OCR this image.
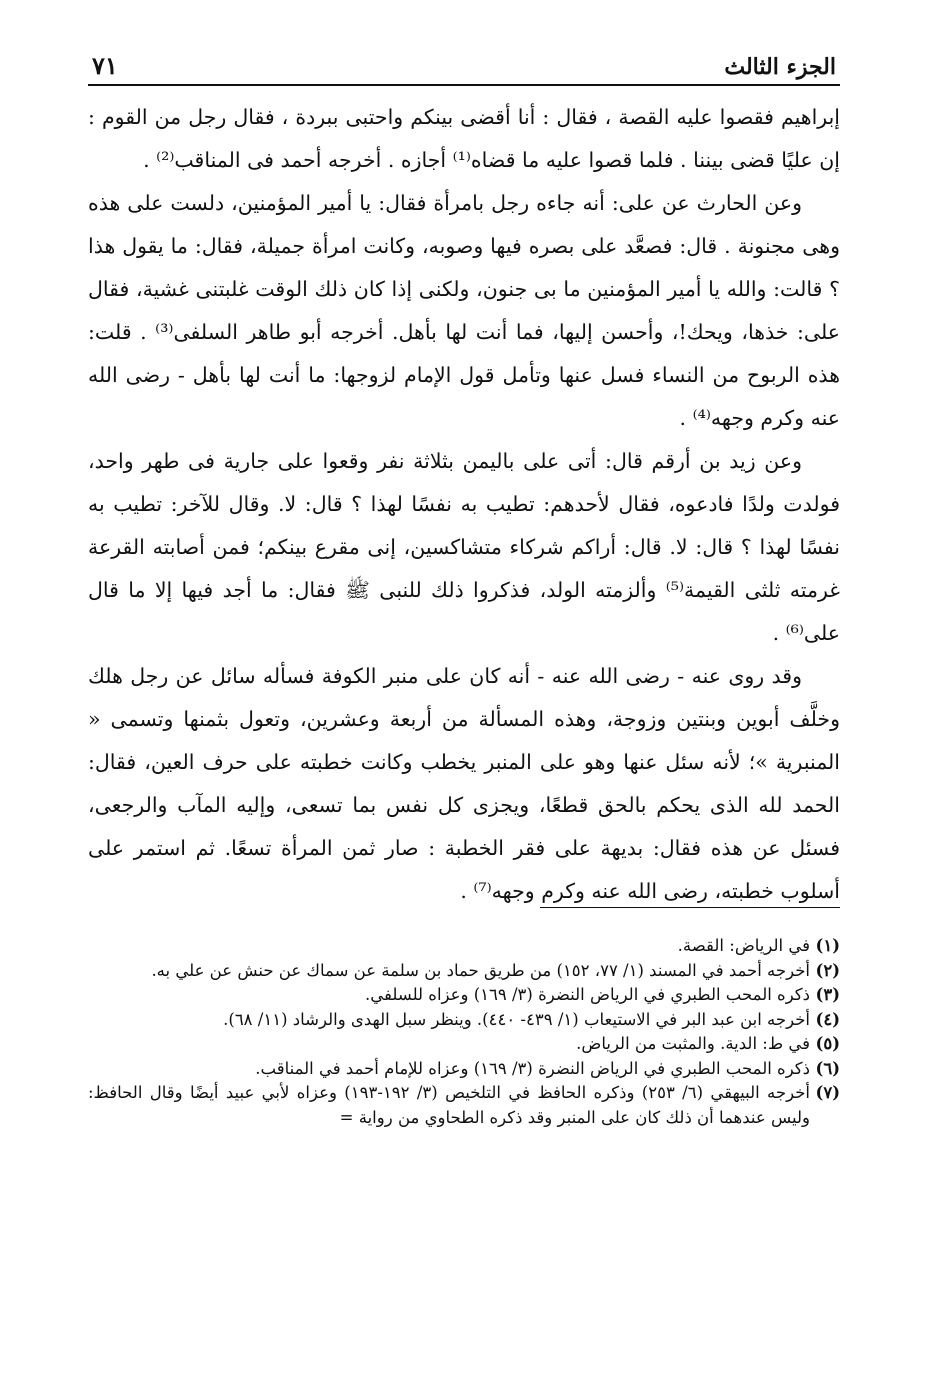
الجزء الثالث
٧١

إبراهيم فقصوا عليه القصة ، فقال : أنا أقضى بينكم واحتبى ببردة ، فقال رجل من القوم : إن عليًا قضى بيننا . فلما قصوا عليه ما قضاه⁽¹⁾ أجازه . أخرجه أحمد فى المناقب⁽²⁾ .

وعن الحارث عن على: أنه جاءه رجل بامرأة فقال: يا أمير المؤمنين، دلست على هذه وهى مجنونة . قال: فصعَّد على بصره فيها وصوبه، وكانت امرأة جميلة، فقال: ما يقول هذا ؟ قالت: والله يا أمير المؤمنين ما بى جنون، ولكنى إذا كان ذلك الوقت غلبتنى غشية، فقال على: خذها، ويحك!، وأحسن إليها، فما أنت لها بأهل. أخرجه أبو طاهر السلفى⁽³⁾ . قلت: هذه الربوح من النساء فسل عنها وتأمل قول الإمام لزوجها: ما أنت لها بأهل - رضى الله عنه وكرم وجهه⁽⁴⁾ .

وعن زيد بن أرقم قال: أتى على باليمن بثلاثة نفر وقعوا على جارية فى طهر واحد، فولدت ولدًا فادعوه، فقال لأحدهم: تطيب به نفسًا لهذا ؟ قال: لا. وقال للآخر: تطيب به نفسًا لهذا ؟ قال: لا. قال: أراكم شركاء متشاكسين، إنى مقرع بينكم؛ فمن أصابته القرعة غرمته ثلثى القيمة⁽⁵⁾ وألزمته الولد، فذكروا ذلك للنبى ﷺ فقال: ما أجد فيها إلا ما قال على⁽⁶⁾ .

وقد روى عنه - رضى الله عنه - أنه كان على منبر الكوفة فسأله سائل عن رجل هلك وخلَّف أبوين وبنتين وزوجة، وهذه المسألة من أربعة وعشرين، وتعول بثمنها وتسمى « المنبرية »؛ لأنه سئل عنها وهو على المنبر يخطب وكانت خطبته على حرف العين، فقال: الحمد لله الذى يحكم بالحق قطعًا، ويجزى كل نفس بما تسعى، وإليه المآب والرجعى، فسئل عن هذه فقال: بديهة على فقر الخطبة : صار ثمن المرأة تسعًا. ثم استمر على أسلوب خطبته، رضى الله عنه وكرم وجهه⁽⁷⁾ .

(١)
في الرياض: القصة.
(٢)
أخرجه أحمد في المسند (١/ ٧٧، ١٥٢) من طريق حماد بن سلمة عن سماك عن حنش عن علي به.
(٣)
ذكره المحب الطبري في الرياض النضرة (٣/ ١٦٩) وعزاه للسلفي.
(٤)
أخرجه ابن عبد البر في الاستيعاب (١/ ٤٣٩- ٤٤٠). وينظر سبل الهدى والرشاد (١١/ ٦٨).
(٥)
في ط: الدية. والمثبت من الرياض.
(٦)
ذكره المحب الطبري في الرياض النضرة (٣/ ١٦٩) وعزاه للإمام أحمد في المناقب.
(٧)
أخرجه البيهقي (٦/ ٢٥٣) وذكره الحافظ في التلخيص (٣/ ١٩٢-١٩٣) وعزاه لأبي عبيد أيضًا وقال الحافظ: وليس عندهما أن ذلك كان على المنبر وقد ذكره الطحاوي من رواية =
